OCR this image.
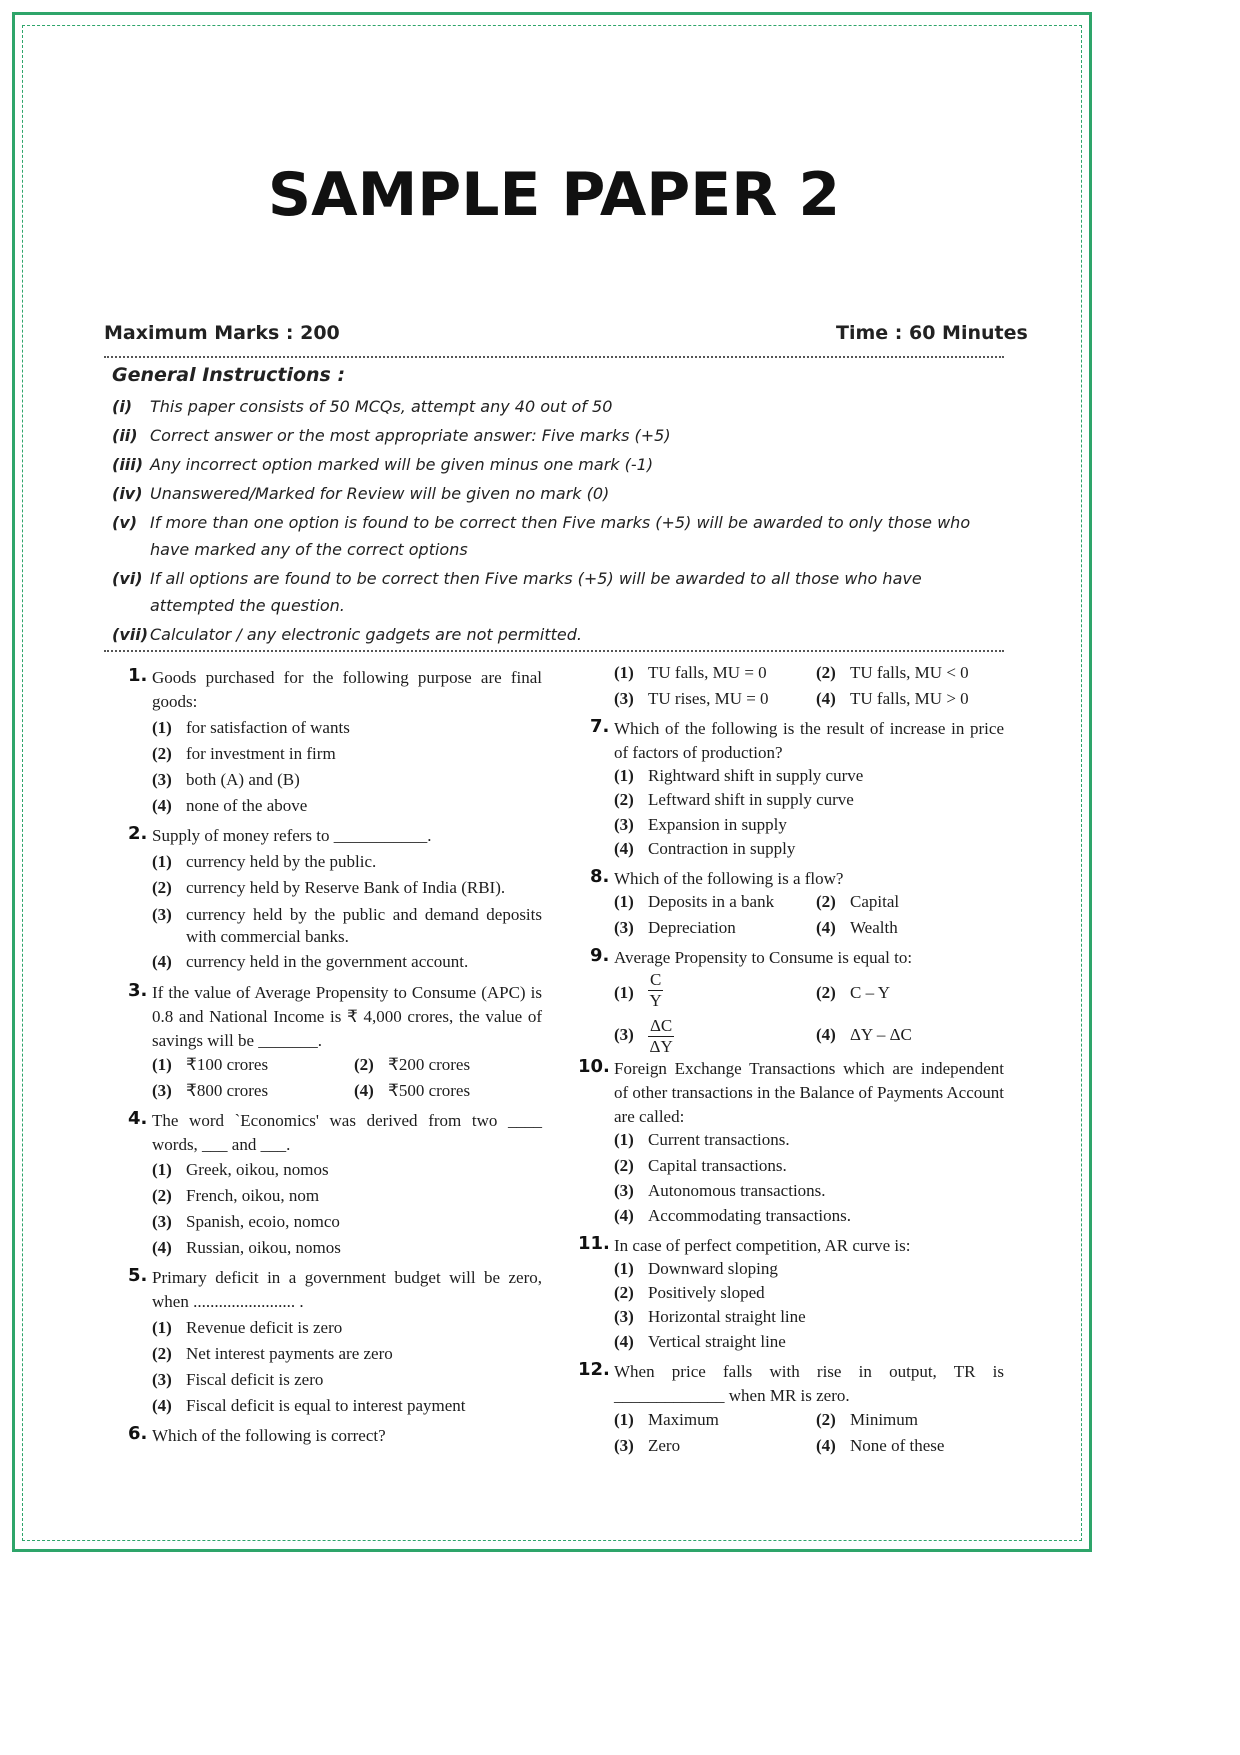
SAMPLE PAPER 2
Maximum Marks : 200	Time : 60 Minutes
General Instructions :
(i) This paper consists of 50 MCQs, attempt any 40 out of 50
(ii) Correct answer or the most appropriate answer: Five marks (+5)
(iii) Any incorrect option marked will be given minus one mark (-1)
(iv) Unanswered/Marked for Review will be given no mark (0)
(v) If more than one option is found to be correct then Five marks (+5) will be awarded to only those who have marked any of the correct options
(vi) If all options are found to be correct then Five marks (+5) will be awarded to all those who have attempted the question.
(vii) Calculator / any electronic gadgets are not permitted.
1. Goods purchased for the following purpose are final goods:
(1) for satisfaction of wants
(2) for investment in firm
(3) both (A) and (B)
(4) none of the above
2. Supply of money refers to ___________.
(1) currency held by the public.
(2) currency held by Reserve Bank of India (RBI).
(3) currency held by the public and demand deposits with commercial banks.
(4) currency held in the government account.
3. If the value of Average Propensity to Consume (APC) is 0.8 and National Income is ₹ 4,000 crores, the value of savings will be _______.
(1) ₹100 crores	(2) ₹200 crores
(3) ₹800 crores	(4) ₹500 crores
4. The word `Economics' was derived from two ____ words, ___ and ___.
(1) Greek, oikou, nomos
(2) French, oikou, nom
(3) Spanish, ecoio, nomco
(4) Russian, oikou, nomos
5. Primary deficit in a government budget will be zero, when ........................ .
(1) Revenue deficit is zero
(2) Net interest payments are zero
(3) Fiscal deficit is zero
(4) Fiscal deficit is equal to interest payment
6. Which of the following is correct?
(1) TU falls, MU = 0	(2) TU falls, MU < 0
(3) TU rises, MU = 0	(4) TU falls, MU > 0
7. Which of the following is the result of increase in price of factors of production?
(1) Rightward shift in supply curve
(2) Leftward shift in supply curve
(3) Expansion in supply
(4) Contraction in supply
8. Which of the following is a flow?
(1) Deposits in a bank (2) Capital
(3) Depreciation	(4) Wealth
9. Average Propensity to Consume is equal to:
$(1) \frac{C}{Y}$	(2) C – Y
$(3) \frac{\Delta C}{\Delta Y}$	(4) ΔY – ΔC
10. Foreign Exchange Transactions which are independent of other transactions in the Balance of Payments Account are called:
(1) Current transactions.
(2) Capital transactions.
(3) Autonomous transactions.
(4) Accommodating transactions.
11. In case of perfect competition, AR curve is:
(1) Downward sloping
(2) Positively sloped
(3) Horizontal straight line
(4) Vertical straight line
12. When price falls with rise in output, TR is _____________ when MR is zero.
(1) Maximum	(2) Minimum
(3) Zero	(4) None of these
